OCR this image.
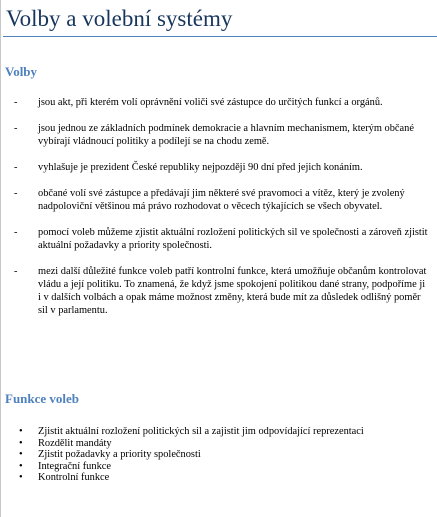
Volby a volební systémy
Volby
- jsou akt, při kterém volí oprávnění voliči své zástupce do určitých funkcí a orgánů.
- jsou jednou ze základních podmínek demokracie a hlavním mechanismem, kterým občané vybírají vládnoucí politiky a podílejí se na chodu země.
- vyhlašuje je prezident České republiky nejpozději 90 dní před jejich konáním.
- občané volí své zástupce a předávají jim některé své pravomoci a vítěz, který je zvolený nadpoloviční většinou má právo rozhodovat o věcech týkajících se všech obyvatel.
- pomocí voleb můžeme zjistit aktuální rozložení politických sil ve společnosti a zároveň zjistit aktuální požadavky a priority společnosti.
- mezi další důležité funkce voleb patří kontrolní funkce, která umožňuje občanům kontrolovat vládu a její politiku. To znamená, že když jsme spokojení politikou dané strany, podpoříme ji i v dalších volbách a opak máme možnost změny, která bude mít za důsledek odlišný poměr sil v parlamentu.
Funkce voleb
• Zjistit aktuální rozložení politických sil a zajistit jim odpovídající reprezentaci
• Rozdělit mandáty
• Zjistit požadavky a priority společnosti
• Integrační funkce
• Kontrolní funkce
